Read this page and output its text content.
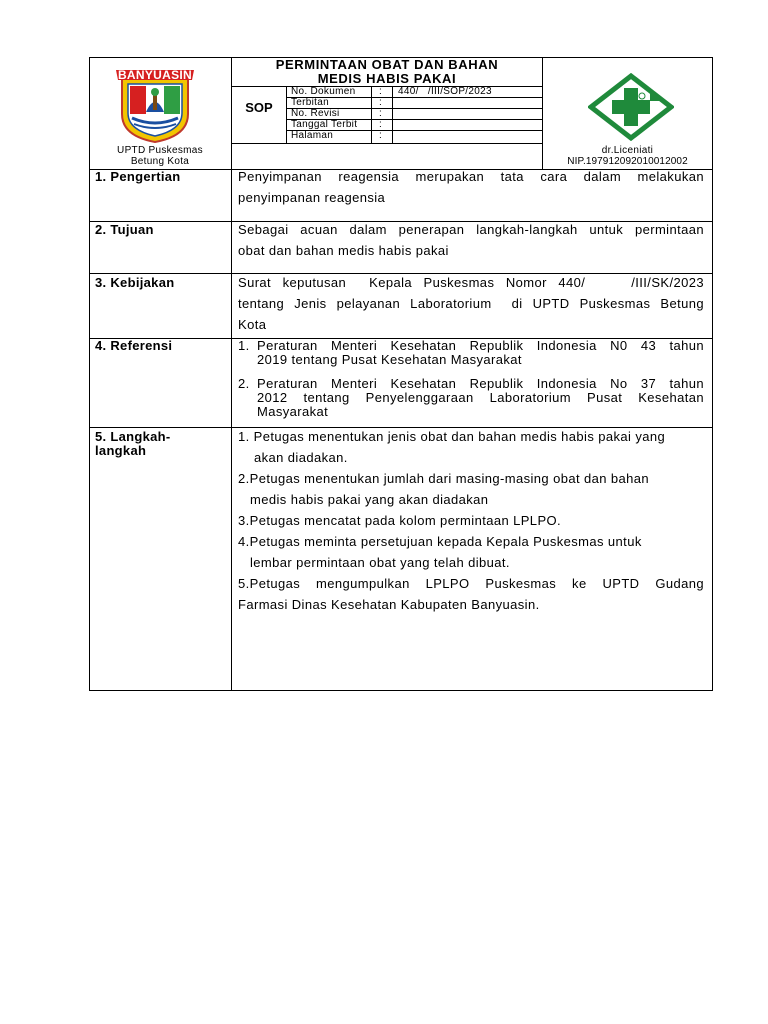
BANYUASIN
PERMINTAAN OBAT DAN BAHAN
MEDIS HABIS PAKAI
SOP
No. Dokumen : 440/   /III/SOP/2023
Terbitan	:
No. Revisi	:
Tanggal Terbit :
Halaman	:
UPTD Puskesmas
Betung Kota
dr.Liceniati
NIP.197912092010012002
1. Pengertian	Penyimpanan reagensia merupakan tata cara dalam melakukan
penyimpanan reagensia
2. Tujuan	Sebagai acuan dalam penerapan langkah-langkah untuk permintaan
obat dan bahan medis habis pakai
3. Kebijakan	Surat keputusan  Kepala Puskesmas Nomor 440/    /III/SK/2023
tentang Jenis pelayanan Laboratorium  di UPTD Puskesmas Betung
Kota
4. Referensi	1. Peraturan Menteri Kesehatan Republik Indonesia N0 43 tahun
2019 tentang Pusat Kesehatan Masyarakat
2. Peraturan Menteri Kesehatan Republik Indonesia No 37 tahun
2012 tentang Penyelenggaraan Laboratorium Pusat Kesehatan
Masyarakat
5. Langkah-
langkah
1. Petugas menentukan jenis obat dan bahan medis habis pakai yang
akan diadakan.
2.Petugas menentukan jumlah dari masing-masing obat dan bahan
medis habis pakai yang akan diadakan
3.Petugas mencatat pada kolom permintaan LPLPO.
4.Petugas meminta persetujuan kepada Kepala Puskesmas untuk
lembar permintaan obat yang telah dibuat.
5.Petugas mengumpulkan LPLPO Puskesmas ke UPTD Gudang
Farmasi Dinas Kesehatan Kabupaten Banyuasin.
